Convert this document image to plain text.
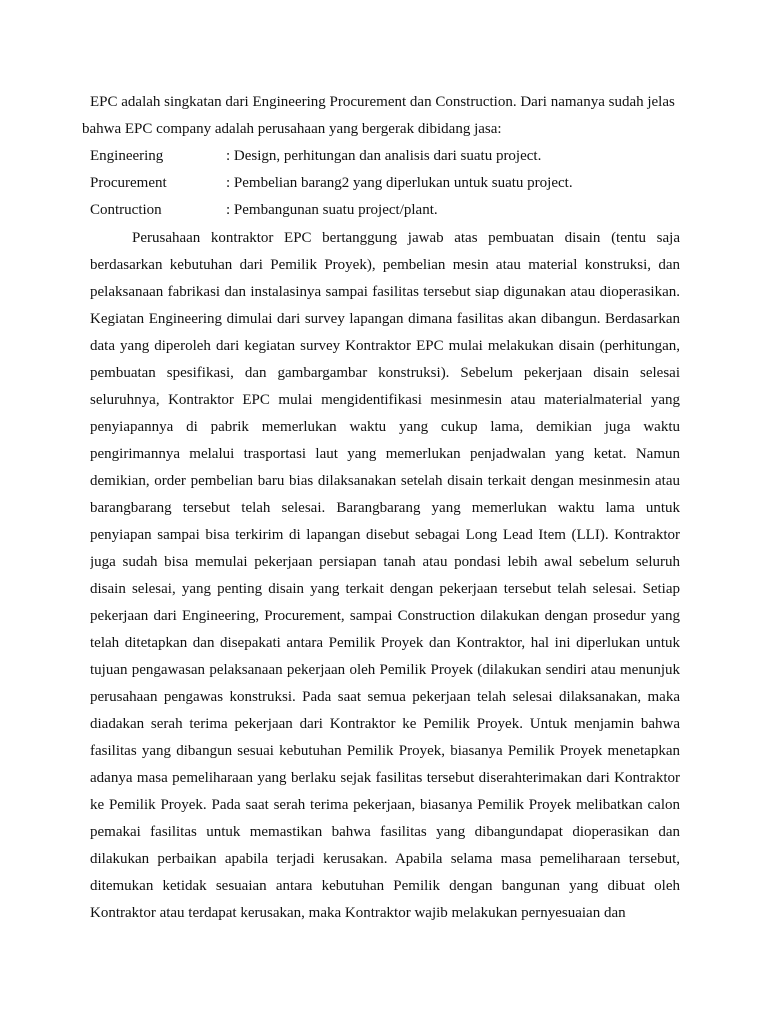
EPC adalah singkatan dari Engineering Procurement dan Construction. Dari namanya sudah jelas
bahwa EPC company adalah perusahaan yang bergerak dibidang jasa:
Engineering	: Design, perhitungan dan analisis dari suatu project.
Procurement	: Pembelian barang2 yang diperlukan untuk suatu project.
Contruction	: Pembangunan suatu project/plant.
Perusahaan kontraktor EPC bertanggung jawab atas pembuatan disain (tentu saja
berdasarkan kebutuhan dari Pemilik Proyek), pembelian mesin atau material konstruksi, dan
pelaksanaan fabrikasi dan instalasinya sampai fasilitas tersebut siap digunakan atau dioperasikan.
Kegiatan Engineering dimulai dari survey lapangan dimana fasilitas akan dibangun. Berdasarkan
data yang diperoleh dari kegiatan survey Kontraktor EPC mulai melakukan disain (perhitungan,
pembuatan spesifikasi, dan gambargambar konstruksi). Sebelum pekerjaan disain selesai
seluruhnya, Kontraktor EPC mulai mengidentifikasi mesinmesin atau materialmaterial yang
penyiapannya di pabrik memerlukan waktu yang cukup lama, demikian juga waktu
pengirimannya melalui trasportasi laut yang memerlukan penjadwalan yang ketat. Namun
demikian, order pembelian baru bias dilaksanakan setelah disain terkait dengan mesinmesin atau
barangbarang tersebut telah selesai. Barangbarang yang memerlukan waktu lama untuk
penyiapan sampai bisa terkirim di lapangan disebut sebagai Long Lead Item (LLI). Kontraktor
juga sudah bisa memulai pekerjaan persiapan tanah atau pondasi lebih awal sebelum seluruh
disain selesai, yang penting disain yang terkait dengan pekerjaan tersebut telah selesai. Setiap
pekerjaan dari Engineering, Procurement, sampai Construction dilakukan dengan prosedur yang
telah ditetapkan dan disepakati antara Pemilik Proyek dan Kontraktor, hal ini diperlukan untuk
tujuan pengawasan pelaksanaan pekerjaan oleh Pemilik Proyek (dilakukan sendiri atau menunjuk
perusahaan pengawas konstruksi. Pada saat semua pekerjaan telah selesai dilaksanakan, maka
diadakan serah terima pekerjaan dari Kontraktor ke Pemilik Proyek. Untuk menjamin bahwa
fasilitas yang dibangun sesuai kebutuhan Pemilik Proyek, biasanya Pemilik Proyek menetapkan
adanya masa pemeliharaan yang berlaku sejak fasilitas tersebut diserahterimakan dari Kontraktor
ke Pemilik Proyek. Pada saat serah terima pekerjaan, biasanya Pemilik Proyek melibatkan calon
pemakai fasilitas untuk memastikan bahwa fasilitas yang dibangundapat dioperasikan dan
dilakukan perbaikan apabila terjadi kerusakan. Apabila selama masa pemeliharaan tersebut,
ditemukan ketidak sesuaian antara kebutuhan Pemilik dengan bangunan yang dibuat oleh
Kontraktor atau terdapat kerusakan, maka Kontraktor wajib melakukan pernyesuaian dan
